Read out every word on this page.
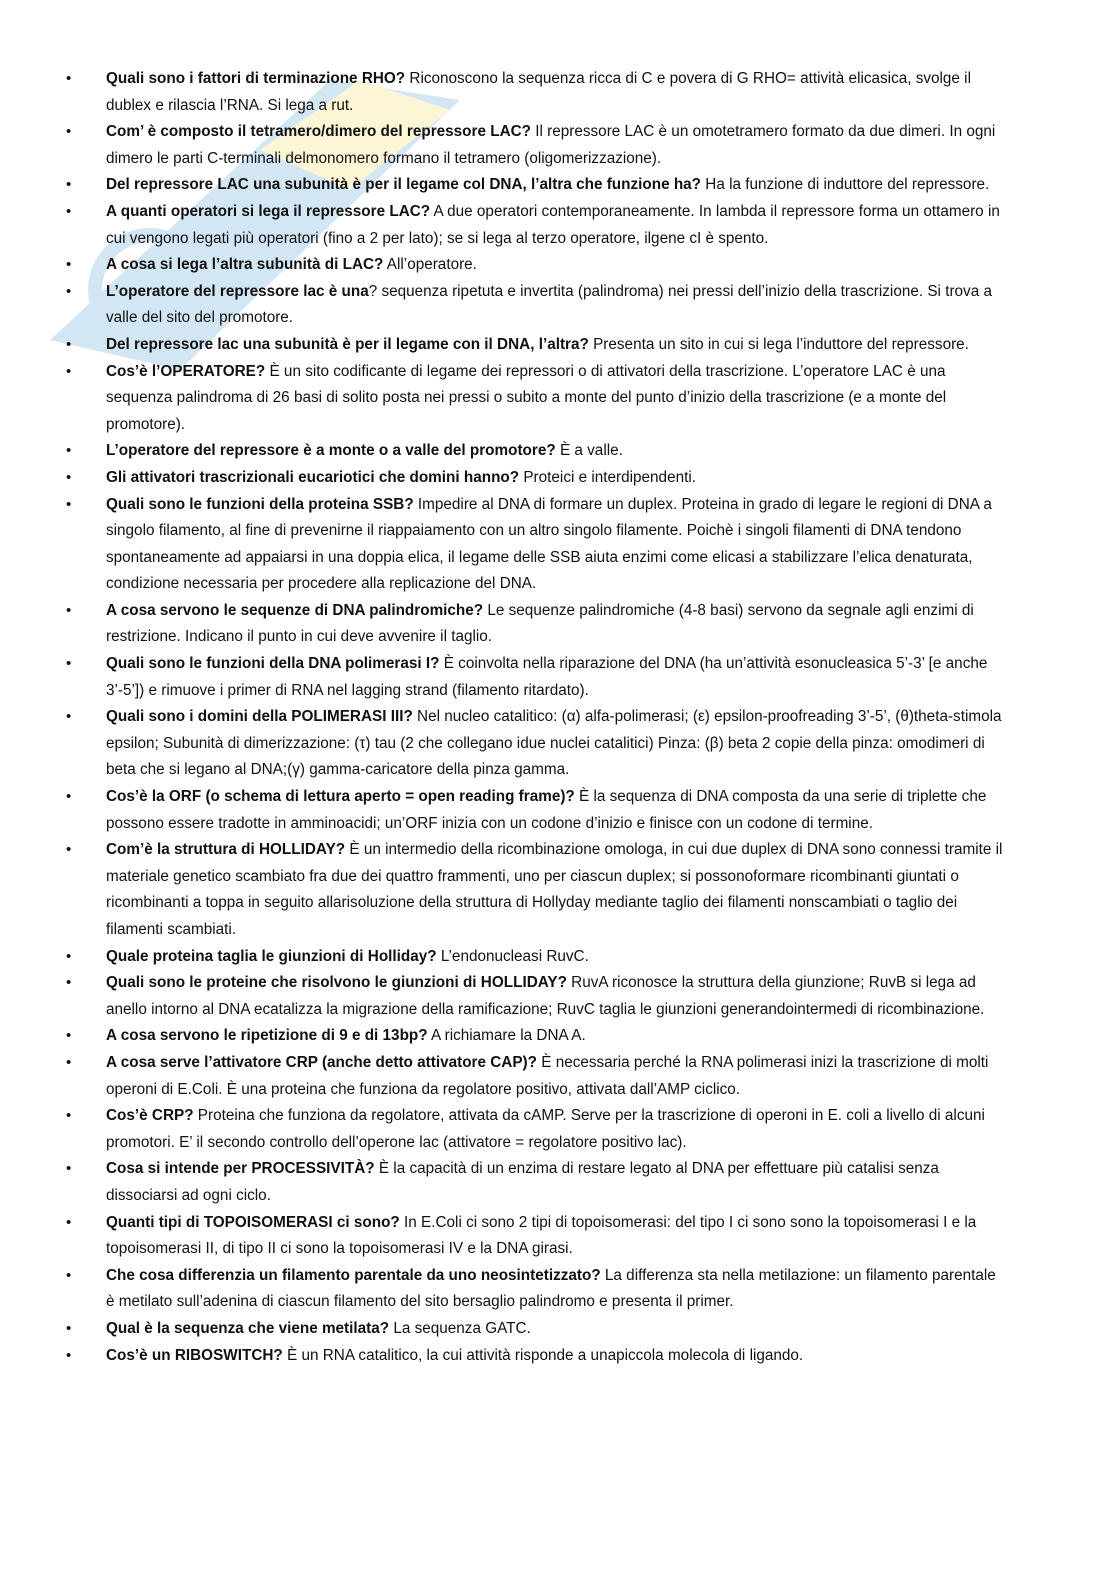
• Quali sono i fattori di terminazione RHO? Riconoscono la sequenza ricca di C e povera di G RHO= attività elicasica, svolge il dublex e rilascia l’RNA. Si lega a rut.
• Com’ è composto il tetramero/dimero del repressore LAC? Il repressore LAC è un omotetramero formato da due dimeri. In ogni dimero le parti C-terminali delmonomero formano il tetramero (oligomerizzazione).
• Del repressore LAC una subunità è per il legame col DNA, l’altra che funzione ha? Ha la funzione di induttore del repressore.
• A quanti operatori si lega il repressore LAC? A due operatori contemporaneamente. In lambda il repressore forma un ottamero in cui vengono legati più operatori (fino a 2 per lato); se si lega al terzo operatore, ilgene cI è spento.
• A cosa si lega l’altra subunità di LAC? All’operatore.
• L’operatore del repressore lac è una? sequenza ripetuta e invertita (palindroma) nei pressi dell’inizio della trascrizione. Si trova a valle del sito del promotore.
• Del repressore lac una subunità è per il legame con il DNA, l’altra? Presenta un sito in cui si lega l’induttore del repressore.
• Cos’è l’OPERATORE? È un sito codificante di legame dei repressori o di attivatori della trascrizione. L’operatore LAC è una sequenza palindroma di 26 basi di solito posta nei pressi o subito a monte del punto d’inizio della trascrizione (e a monte del promotore).
• L’operatore del repressore è a monte o a valle del promotore? È a valle.
• Gli attivatori trascrizionali eucariotici che domini hanno? Proteici e interdipendenti.
• Quali sono le funzioni della proteina SSB? Impedire al DNA di formare un duplex. Proteina in grado di legare le regioni di DNA a singolo filamento, al fine di prevenirne il riappaiamento con un altro singolo filamente. Poichè i singoli filamenti di DNA tendono spontaneamente ad appaiarsi in una doppia elica, il legame delle SSB aiuta enzimi come elicasi a stabilizzare l’elica denaturata, condizione necessaria per procedere alla replicazione del DNA.
• A cosa servono le sequenze di DNA palindromiche? Le sequenze palindromiche (4-8 basi) servono da segnale agli enzimi di restrizione. Indicano il punto in cui deve avvenire il taglio.
• Quali sono le funzioni della DNA polimerasi I? È coinvolta nella riparazione del DNA (ha un’attività esonucleasica 5’-3’ [e anche 3’-5’]) e rimuove i primer di RNA nel lagging strand (filamento ritardato).
• Quali sono i domini della POLIMERASI III? Nel nucleo catalitico: (α) alfa-polimerasi; (ε) epsilon-proofreading 3’-5’, (θ)theta-stimola epsilon; Subunità di dimerizzazione: (τ) tau (2 che collegano idue nuclei catalitici) Pinza: (β) beta 2 copie della pinza: omodimeri di beta che si legano al DNA;(γ) gamma-caricatore della pinza gamma.
• Cos’è la ORF (o schema di lettura aperto = open reading frame)? È la sequenza di DNA composta da una serie di triplette che possono essere tradotte in amminoacidi; un’ORF inizia con un codone d’inizio e finisce con un codone di termine.
• Com’è la struttura di HOLLIDAY? È un intermedio della ricombinazione omologa, in cui due duplex di DNA sono connessi tramite il materiale genetico scambiato fra due dei quattro frammenti, uno per ciascun duplex; si possonoformare ricombinanti giuntati o ricombinanti a toppa in seguito allarisoluzione della struttura di Hollyday mediante taglio dei filamenti nonscambiati o taglio dei filamenti scambiati.
• Quale proteina taglia le giunzioni di Holliday? L’endonucleasi RuvC.
• Quali sono le proteine che risolvono le giunzioni di HOLLIDAY? RuvA riconosce la struttura della giunzione; RuvB si lega ad anello intorno al DNA ecatalizza la migrazione della ramificazione; RuvC taglia le giunzioni generandointermedi di ricombinazione.
• A cosa servono le ripetizione di 9 e di 13bp? A richiamare la DNA A.
• A cosa serve l’attivatore CRP (anche detto attivatore CAP)? È necessaria perché la RNA polimerasi inizi la trascrizione di molti operoni di E.Coli. È una proteina che funziona da regolatore positivo, attivata dall’AMP ciclico.
• Cos’è CRP? Proteina che funziona da regolatore, attivata da cAMP. Serve per la trascrizione di operoni in E. coli a livello di alcuni promotori. E’ il secondo controllo dell’operone lac (attivatore = regolatore positivo lac).
• Cosa si intende per PROCESSIVITÀ? È la capacità di un enzima di restare legato al DNA per effettuare più catalisi senza dissociarsi ad ogni ciclo.
• Quanti tipi di TOPOISOMERASI ci sono? In E.Coli ci sono 2 tipi di topoisomerasi: del tipo I ci sono sono la topoisomerasi I e la topoisomerasi II, di tipo II ci sono la topoisomerasi IV e la DNA girasi.
• Che cosa differenzia un filamento parentale da uno neosintetizzato? La differenza sta nella metilazione: un filamento parentale è metilato sull’adenina di ciascun filamento del sito bersaglio palindromo e presenta il primer.
• Qual è la sequenza che viene metilata? La sequenza GATC.
• Cos’è un RIBOSWITCH? È un RNA catalitico, la cui attività risponde a unapiccola molecola di ligando.
